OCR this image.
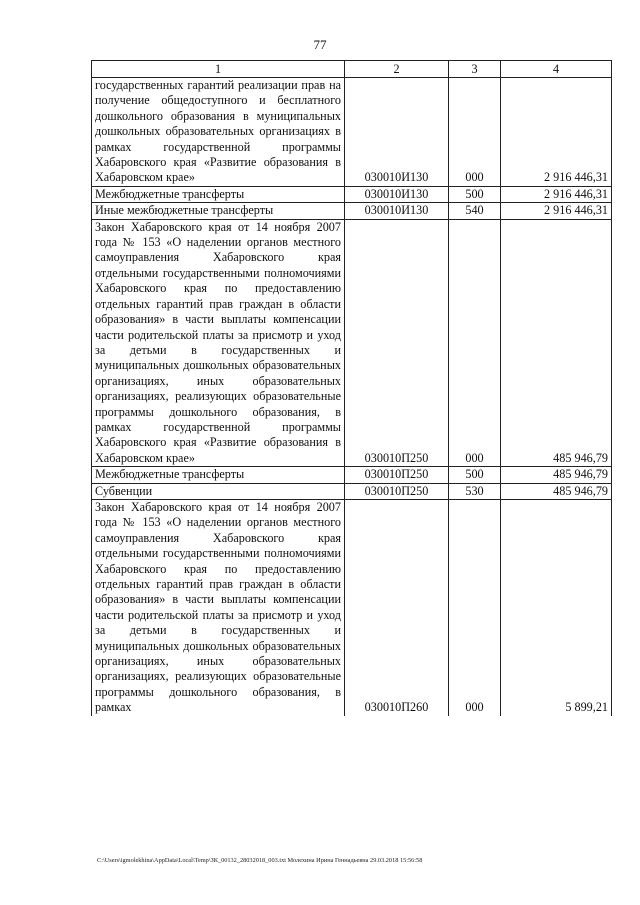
77
1	2	3	4
государственных гарантий реализации прав на получение общедоступного и бесплатного дошкольного образования в муниципальных дошкольных образовательных организациях в рамках государственной программы Хабаровского края «Развитие образования в Хабаровском крае»	030010И130	000	2 916 446,31
Межбюджетные трансферты	030010И130	500	2 916 446,31
Иные межбюджетные трансферты	030010И130	540	2 916 446,31
Закон Хабаровского края от 14 ноября 2007 года № 153 «О наделении органов местного самоуправления Хабаровского края отдельными государственными полномочиями Хабаровского края по предоставлению отдельных гарантий прав граждан в области образования» в части выплаты компенсации части родительской платы за присмотр и уход за детьми в государственных и муниципальных дошкольных образовательных организациях, иных образовательных организациях, реализующих образовательные программы дошкольного образования, в рамках государственной программы Хабаровского края «Развитие образования в Хабаровском крае»	030010П250	000	485 946,79
Межбюджетные трансферты	030010П250	500	485 946,79
Субвенции	030010П250	530	485 946,79
Закон Хабаровского края от 14 ноября 2007 года № 153 «О наделении органов местного самоуправления Хабаровского края отдельными государственными полномочиями Хабаровского края по предоставлению отдельных гарантий прав граждан в области образования» в части выплаты компенсации части родительской платы за присмотр и уход за детьми в государственных и муниципальных дошкольных образовательных организациях, иных образовательных организациях, реализующих образовательные программы дошкольного образования, в рамках	030010П260	000	5 899,21
C:\Users\igmolekhina\AppData\Local\Temp\ЗК_00132_28032018_003.txt Молехина Ирина Геннадьевна 29.03.2018 15:56:58
